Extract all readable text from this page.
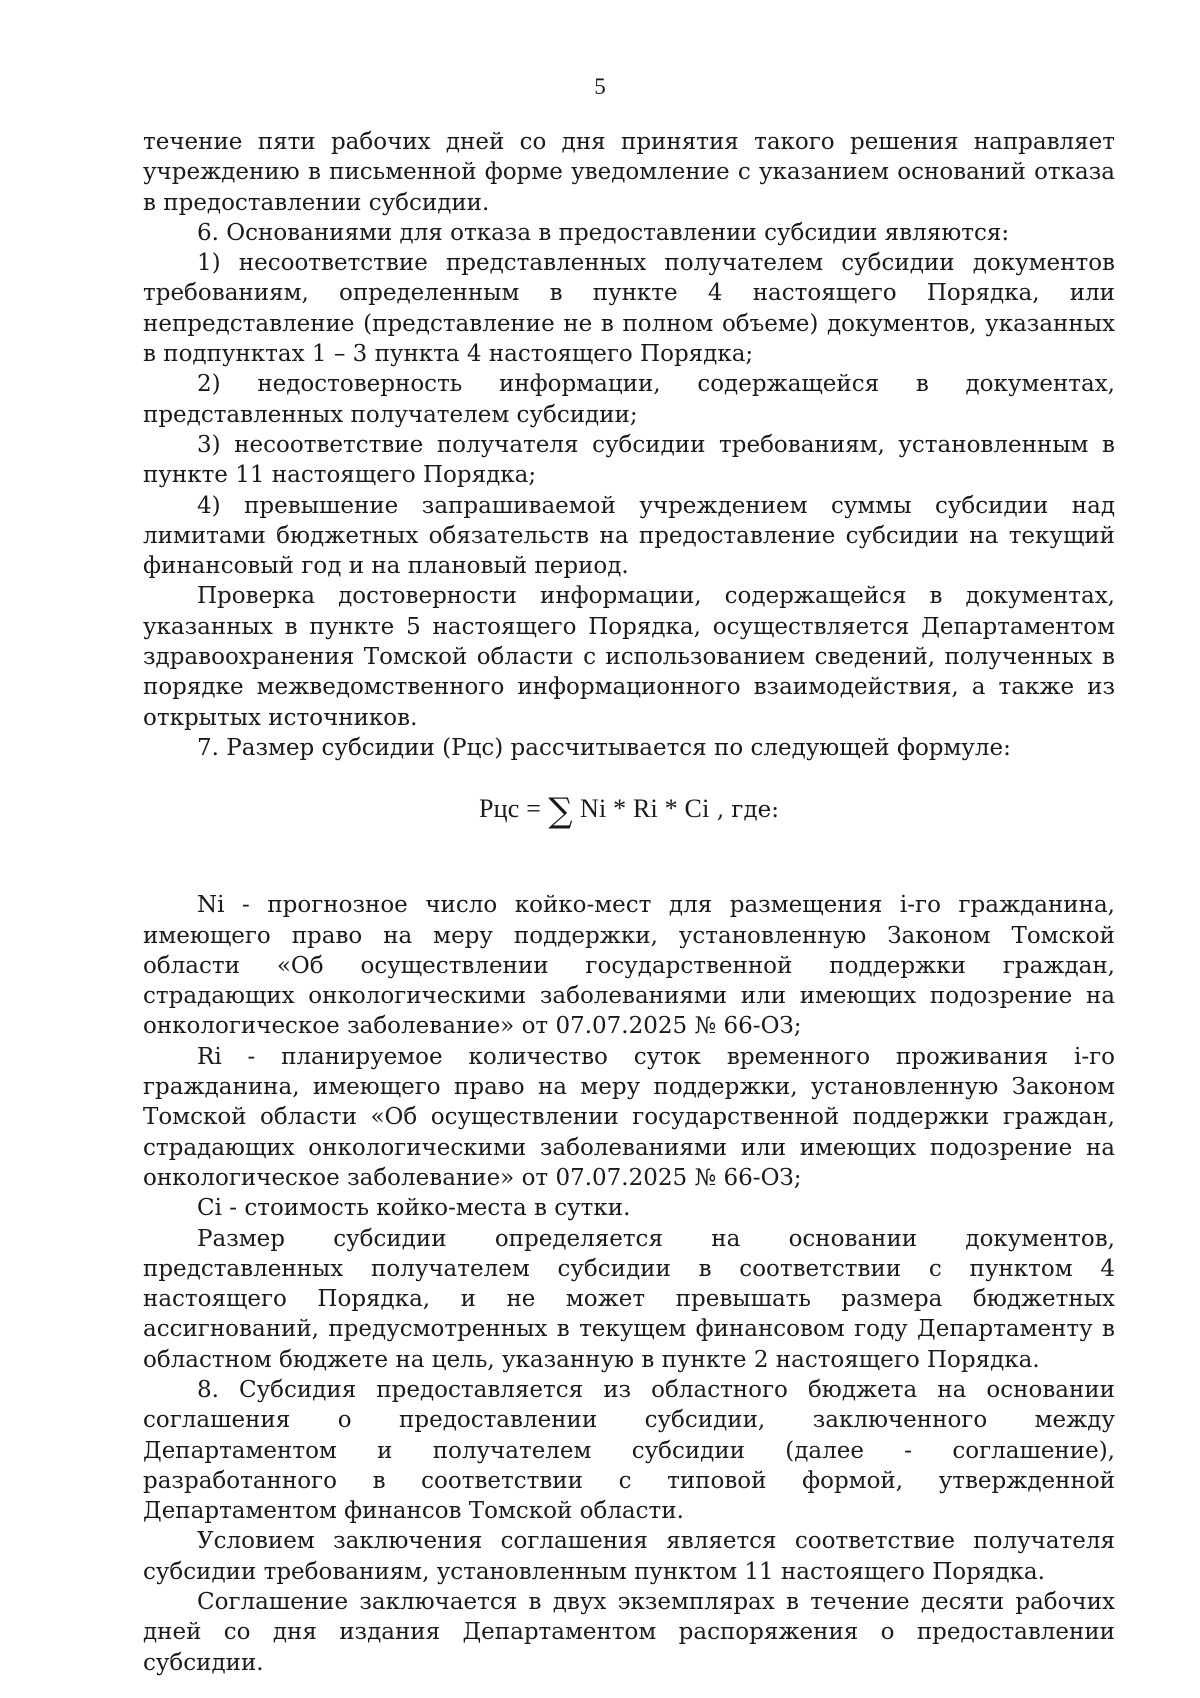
5

течение пяти рабочих дней со дня принятия такого решения направляет учреждению в письменной форме уведомление с указанием оснований отказа в предоставлении субсидии.

6. Основаниями для отказа в предоставлении субсидии являются:

1) несоответствие представленных получателем субсидии документов требованиям, определенным в пункте 4 настоящего Порядка, или непредставление (представление не в полном объеме) документов, указанных в подпунктах 1 – 3 пункта 4 настоящего Порядка;

2) недостоверность информации, содержащейся в документах, представленных получателем субсидии;

3) несоответствие получателя субсидии требованиям, установленным в пункте 11 настоящего Порядка;

4) превышение запрашиваемой учреждением суммы субсидии над лимитами бюджетных обязательств на предоставление субсидии на текущий финансовый год и на плановый период.

Проверка достоверности информации, содержащейся в документах, указанных в пункте 5 настоящего Порядка, осуществляется Департаментом здравоохранения Томской области с использованием сведений, полученных в порядке межведомственного информационного взаимодействия, а также из открытых источников.

7. Размер субсидии (Рцс) рассчитывается по следующей формуле:

Рцс = ∑ Ni * Ri * Ci , где:

Ni - прогнозное число койко-мест для размещения i-го гражданина, имеющего право на меру поддержки, установленную Законом Томской области «Об осуществлении государственной поддержки граждан, страдающих онкологическими заболеваниями или имеющих подозрение на онкологическое заболевание» от 07.07.2025 № 66-ОЗ;

Ri - планируемое количество суток временного проживания i-го гражданина, имеющего право на меру поддержки, установленную Законом Томской области «Об осуществлении государственной поддержки граждан, страдающих онкологическими заболеваниями или имеющих подозрение на онкологическое заболевание» от 07.07.2025 № 66-ОЗ;

Ci - стоимость койко-места в сутки.

Размер субсидии определяется на основании документов, представленных получателем субсидии в соответствии с пунктом 4 настоящего Порядка, и не может превышать размера бюджетных ассигнований, предусмотренных в текущем финансовом году Департаменту в областном бюджете на цель, указанную в пункте 2 настоящего Порядка.

8. Субсидия предоставляется из областного бюджета на основании соглашения о предоставлении субсидии, заключенного между Департаментом и получателем субсидии (далее - соглашение), разработанного в соответствии с типовой формой, утвержденной Департаментом финансов Томской области.

Условием заключения соглашения является соответствие получателя субсидии требованиям, установленным пунктом 11 настоящего Порядка.

Соглашение заключается в двух экземплярах в течение десяти рабочих дней со дня издания Департаментом распоряжения о предоставлении субсидии.
